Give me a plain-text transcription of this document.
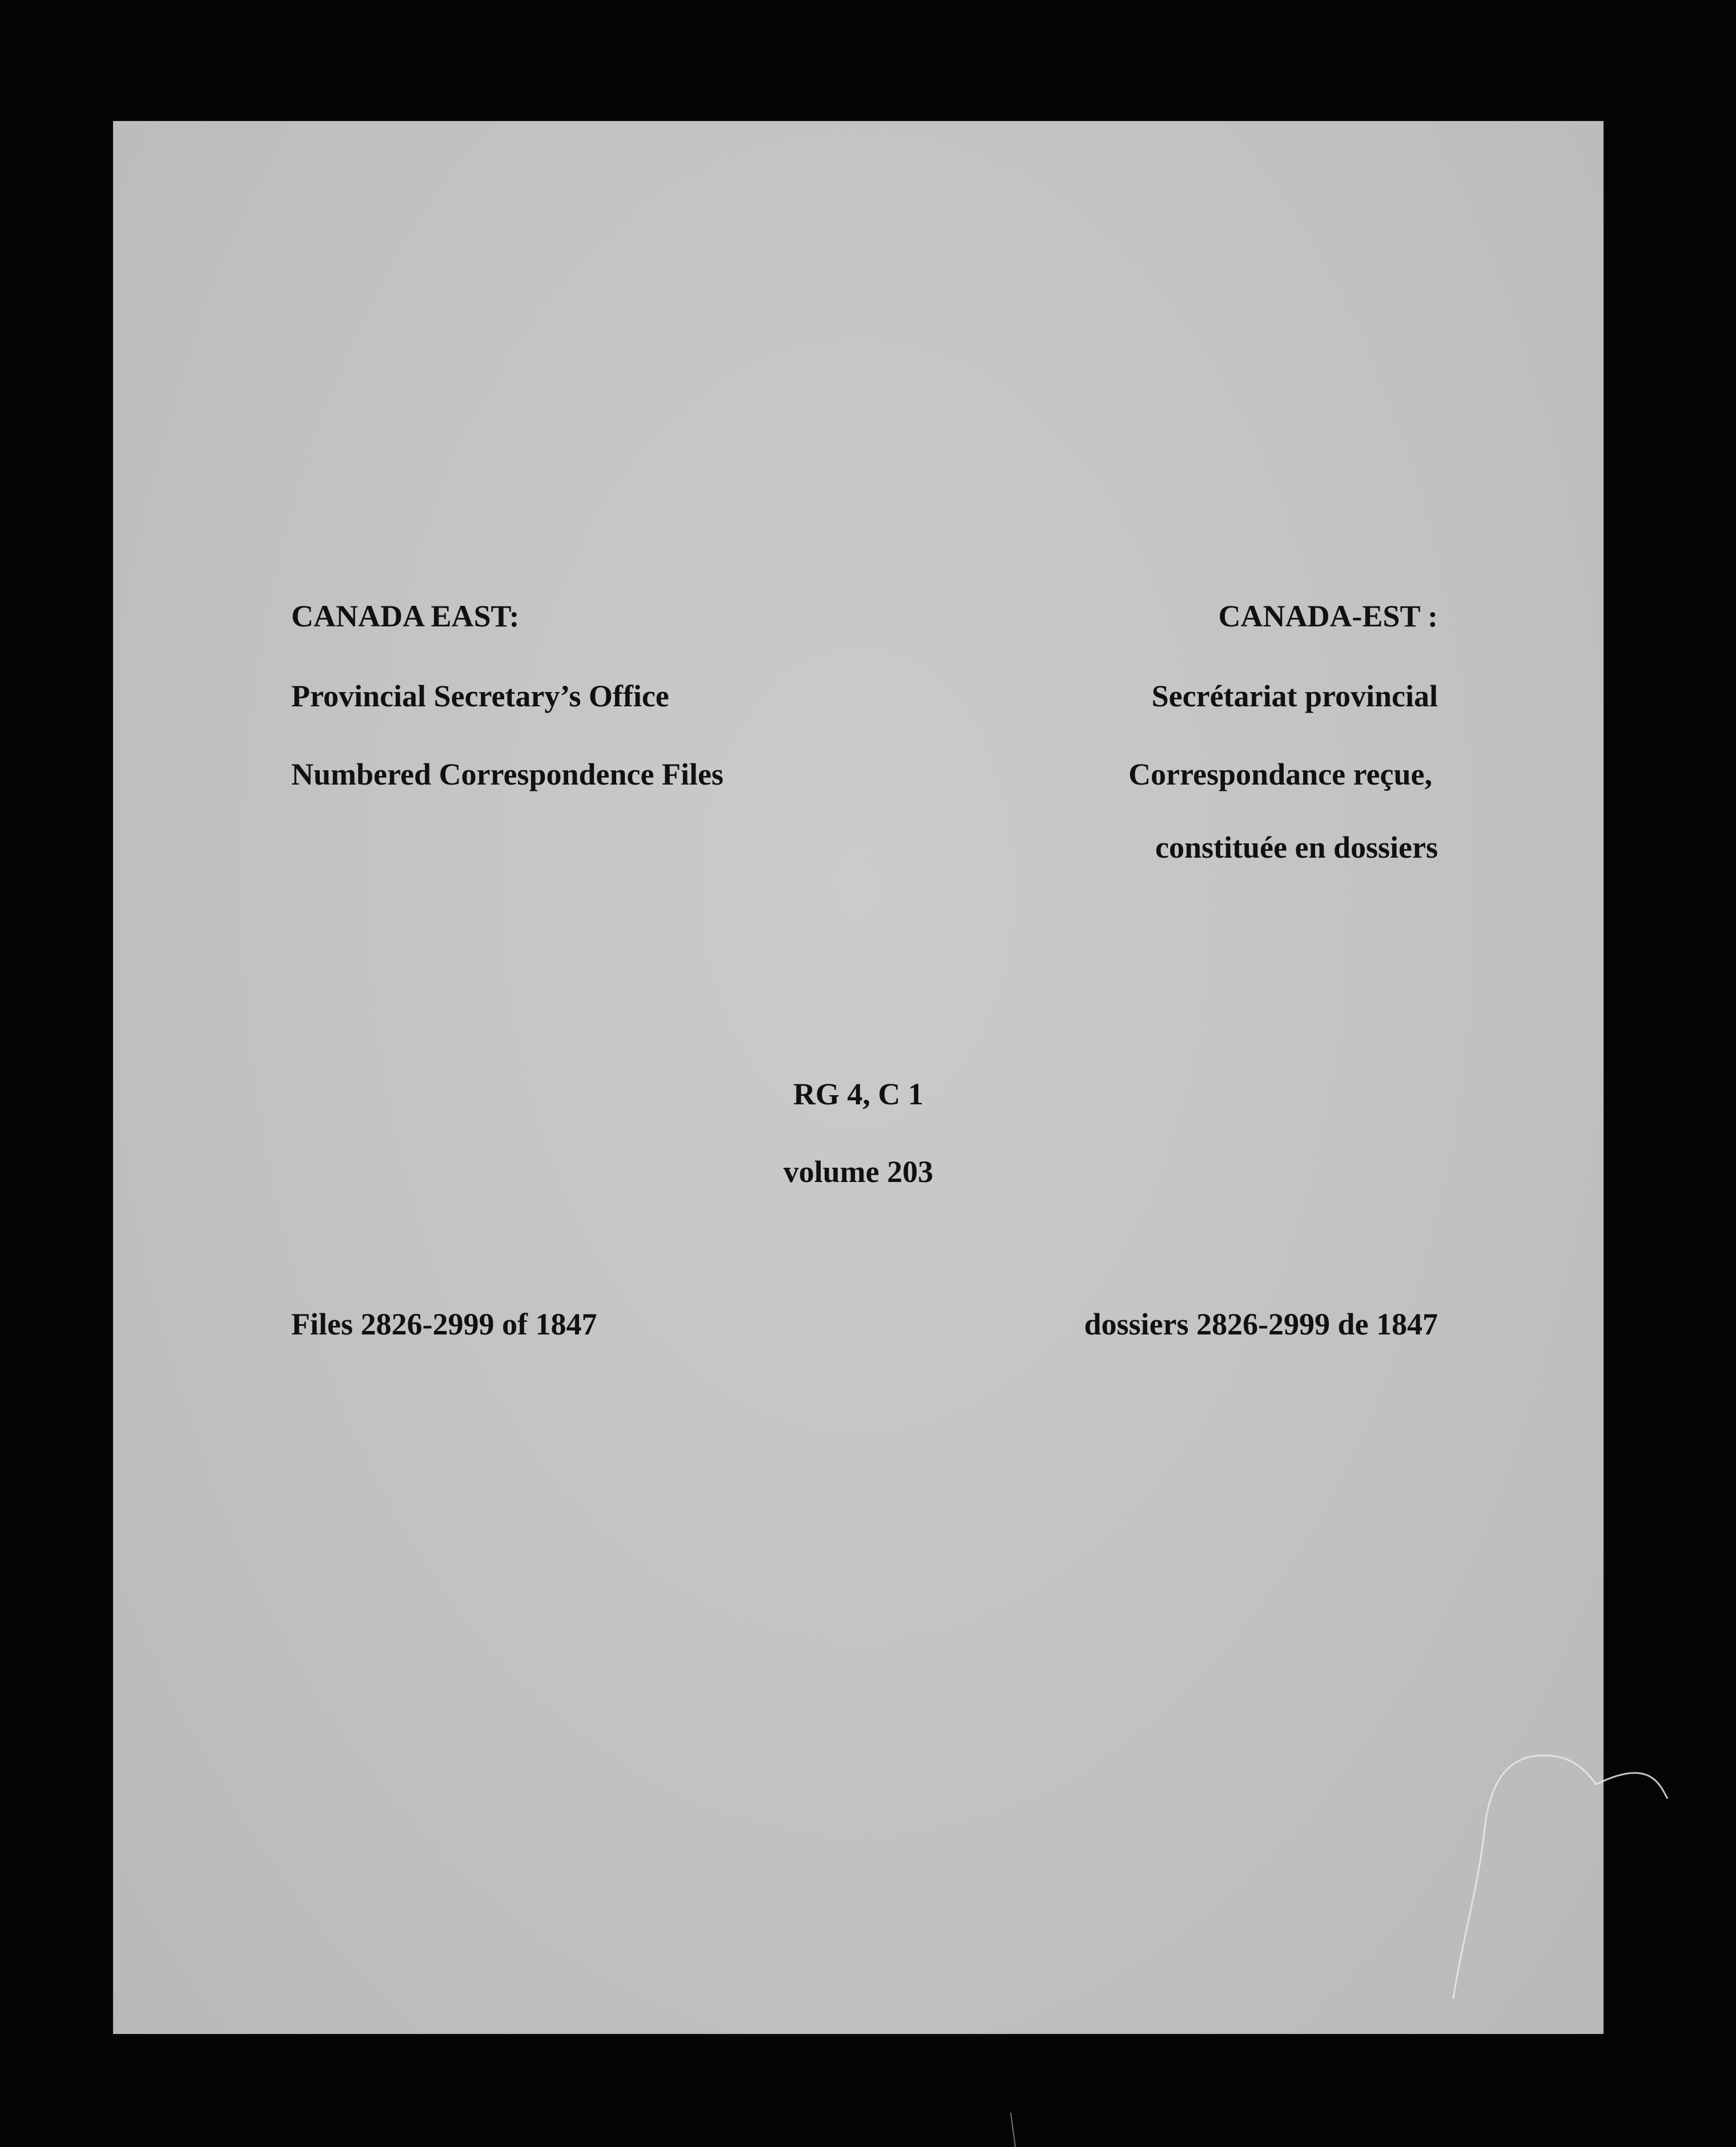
CANADA EAST:

Provincial Secretary’s Office

Numbered Correspondence Files

CANADA-EST :

Secrétariat provincial

Correspondance reçue,

constituée en dossiers

RG 4, C 1

volume 203

Files 2826-2999 of 1847	dossiers 2826-2999 de 1847
